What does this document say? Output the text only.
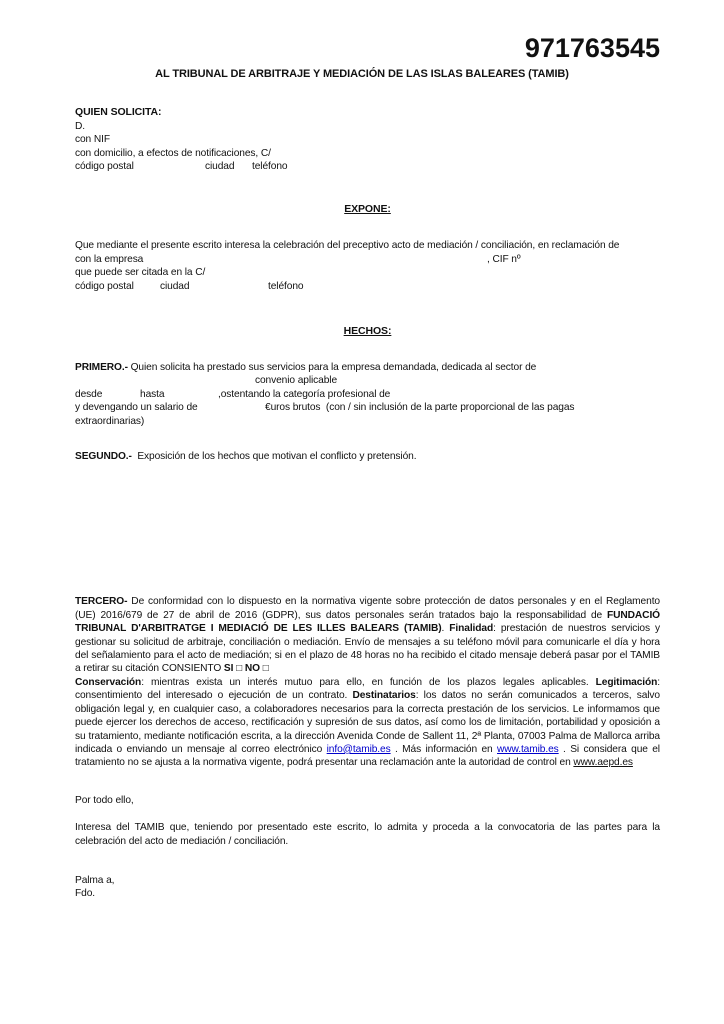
971763545
AL TRIBUNAL DE ARBITRAJE Y MEDIACIÓN DE LAS ISLAS BALEARES (TAMIB)
QUIEN SOLICITA:
D.
con NIF
con domicilio, a efectos de notificaciones, C/
código postal	ciudad teléfono
EXPONE:

Que mediante el presente escrito interesa la celebración del preceptivo acto de mediación / conciliación, en reclamación de

con la empresa	, CIF nº
que puede ser citada en la C/
código postal	ciudad	teléfono
HECHOS:
PRIMERO.- Quien solicita ha prestado sus servicios para la empresa demandada, dedicada al sector de
convenio aplicable
desde	hasta	,ostentando la categoría profesional de
y devengando un salario de	€uros brutos (con / sin inclusión de la parte proporcional de las pagas
extraordinarias)
SEGUNDO.- Exposición de los hechos que motivan el conflicto y pretensión.

TERCERO- De conformidad con lo dispuesto en la normativa vigente sobre protección de datos personales y en el Reglamento (UE) 2016/679 de 27 de abril de 2016 (GDPR), sus datos personales serán tratados bajo la responsabilidad de FUNDACIÓ TRIBUNAL D'ARBITRATGE I MEDIACIÓ DE LES ILLES BALEARS (TAMIB). Finalidad: prestación de nuestros servicios y gestionar su solicitud de arbitraje, conciliación o mediación. Envío de mensajes a su teléfono móvil para comunicarle el día y hora del señalamiento para el acto de mediación; si en el plazo de 48 horas no ha recibido el citado mensaje deberá pasar por el TAMIB a retirar su citación CONSIENTO SI □ NO □

Conservación: mientras exista un interés mutuo para ello, en función de los plazos legales aplicables. Legitimación: consentimiento del interesado o ejecución de un contrato. Destinatarios: los datos no serán comunicados a terceros, salvo obligación legal y, en cualquier caso, a colaboradores necesarios para la correcta prestación de los servicios. Le informamos que puede ejercer los derechos de acceso, rectificación y supresión de sus datos, así como los de limitación, portabilidad y oposición a su tratamiento, mediante notificación escrita, a la dirección Avenida Conde de Sallent 11, 2ª Planta, 07003 Palma de Mallorca arriba indicada o enviando un mensaje al correo electrónico info@tamib.es . Más información en www.tamib.es . Si considera que el tratamiento no se ajusta a la normativa vigente, podrá presentar una reclamación ante la autoridad de control en www.aepd.es

Por todo ello,

Interesa del TAMIB que, teniendo por presentado este escrito, lo admita y proceda a la convocatoria de las partes para la celebración del acto de mediación / conciliación.

Palma a,
Fdo.
